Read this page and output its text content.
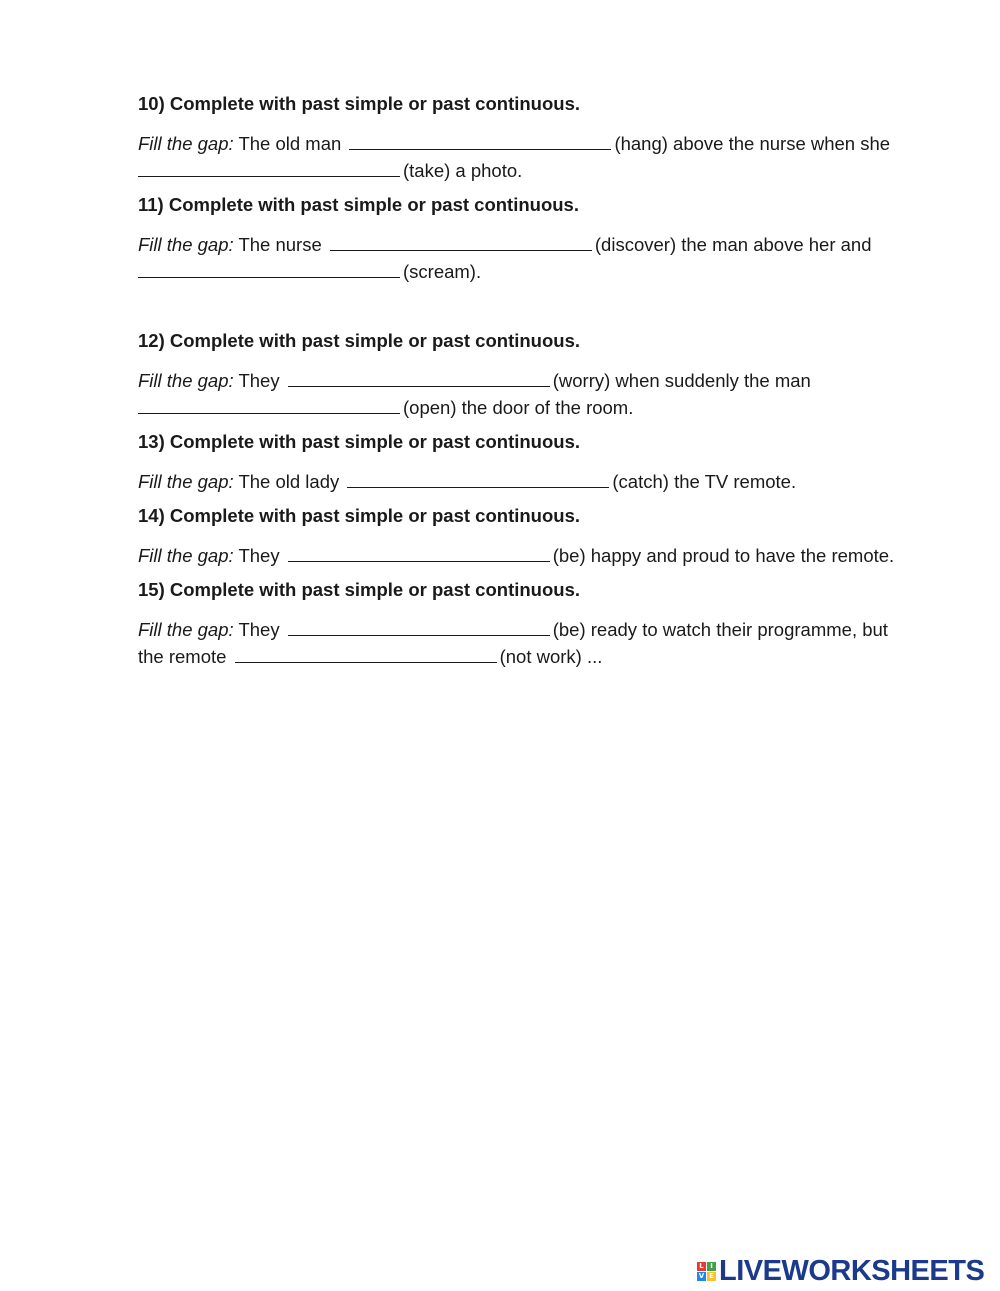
10) Complete with past simple or past continuous.

Fill the gap: The old man	(hang) above the nurse when she
(take) a photo.

11) Complete with past simple or past continuous.

Fill the gap: The nurse	(discover) the man above her and
(scream).

12) Complete with past simple or past continuous.

Fill the gap: They	(worry) when suddenly the man
(open) the door of the room.

13) Complete with past simple or past continuous.

Fill the gap: The old lady	(catch) the TV remote.

14) Complete with past simple or past continuous.

Fill the gap: They	(be) happy and proud to have the remote.

15) Complete with past simple or past continuous.

Fill the gap: They	(be) ready to watch their programme, but
the remote	(not work) ...

L I
V E LIVEWORKSHEETS
